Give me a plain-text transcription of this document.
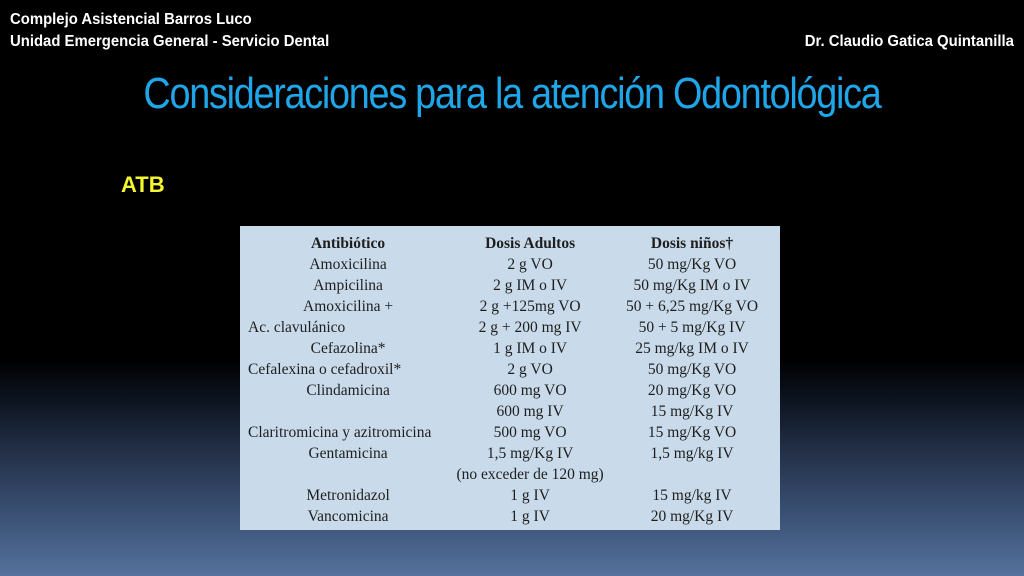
Complejo Asistencial Barros Luco
Unidad Emergencia General - Servicio Dental	Dr. Claudio Gatica Quintanilla
Consideraciones para la atención Odontológica
ATB
Antibiótico	Dosis Adultos	Dosis niños†
Amoxicilina	2 g VO	50 mg/Kg VO
Ampicilina	2 g IM o IV	50 mg/Kg IM o IV
Amoxicilina +	2 g +125mg VO	50 + 6,25 mg/Kg VO
Ac. clavulánico	2 g + 200 mg IV	50 + 5 mg/Kg IV
Cefazolina*	1 g IM o IV	25 mg/kg IM o IV
Cefalexina o cefadroxil*	2 g VO	50 mg/Kg VO
Clindamicina	600 mg VO	20 mg/Kg VO
	600 mg IV	15 mg/Kg IV
Claritromicina y azitromicina	500 mg VO	15 mg/Kg VO
Gentamicina	1,5 mg/Kg IV	1,5 mg/kg IV
	(no exceder de 120 mg)	
Metronidazol	1 g IV	15 mg/kg IV
Vancomicina	1 g IV	20 mg/Kg IV
